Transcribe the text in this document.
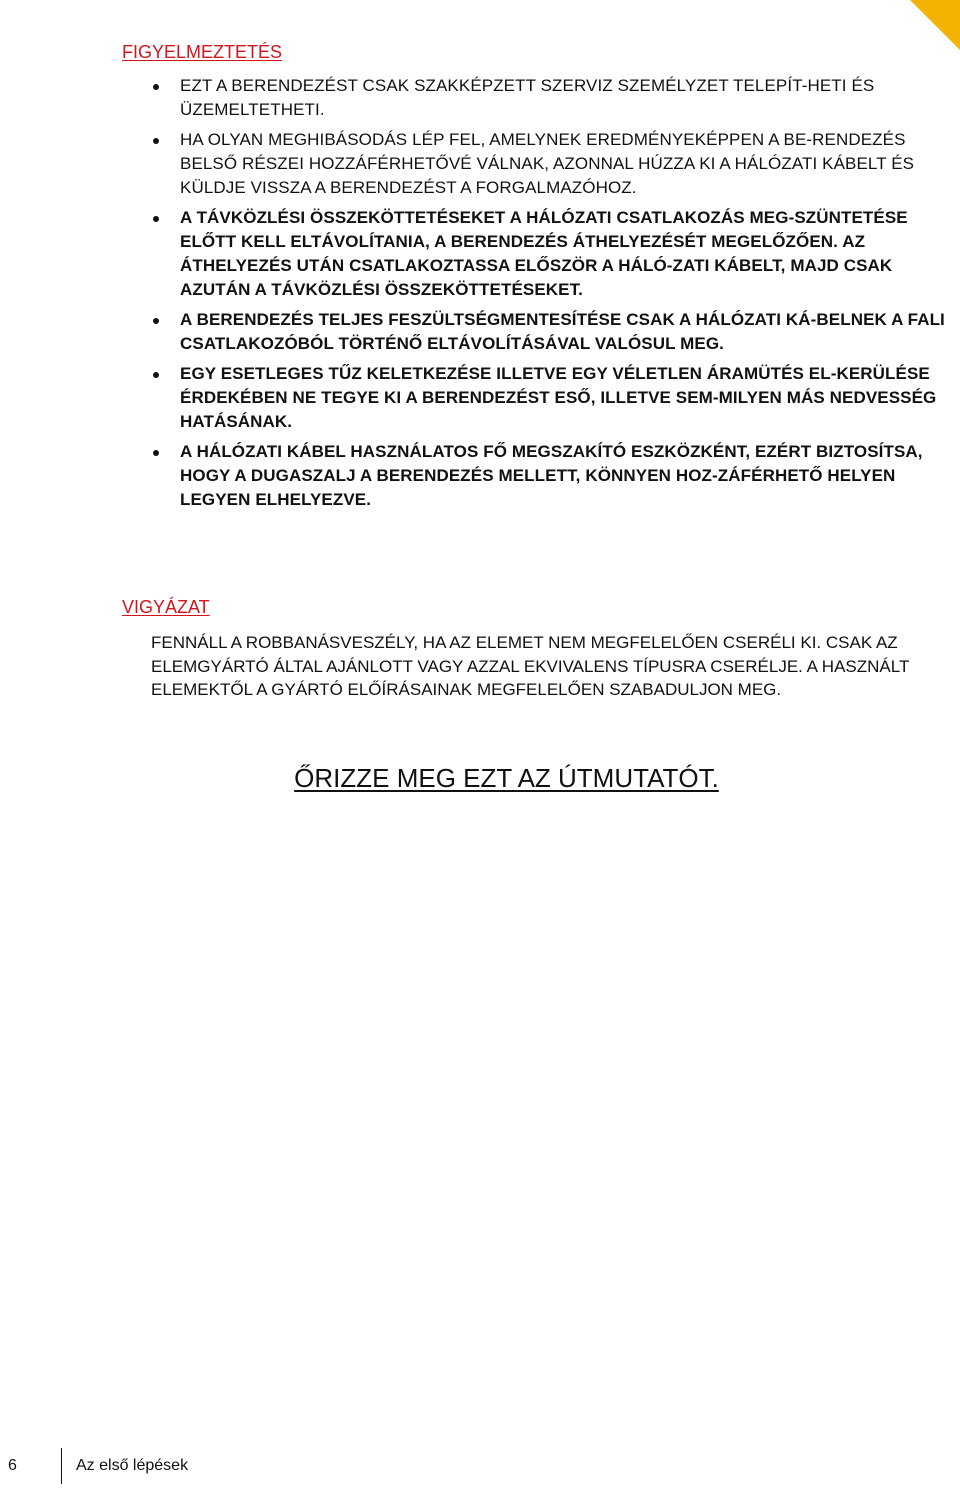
FIGYELMEZTETÉS
EZT A BERENDEZÉST CSAK SZAKKÉPZETT SZERVIZ SZEMÉLYZET TELEPÍT-HETI ÉS ÜZEMELTETHETI.
HA OLYAN MEGHIBÁSODÁS LÉP FEL, AMELYNEK EREDMÉNYEKÉPPEN A BE-RENDEZÉS BELSŐ RÉSZEI HOZZÁFÉRHETŐVÉ VÁLNAK, AZONNAL HÚZZA KI A HÁLÓZATI KÁBELT ÉS KÜLDJE VISSZA A BERENDEZÉST A FORGALMAZÓHOZ.
A TÁVKÖZLÉSI ÖSSZEKÖTTETÉSEKET A HÁLÓZATI CSATLAKOZÁS MEG-SZÜNTETÉSE ELŐTT KELL ELTÁVOLÍTANIA, A BERENDEZÉS ÁTHELYEZÉSÉT MEGELŐZŐEN. AZ ÁTHELYEZÉS UTÁN CSATLAKOZTASSA ELŐSZÖR A HÁLÓ-ZATI KÁBELT, MAJD CSAK AZUTÁN A TÁVKÖZLÉSI ÖSSZEKÖTTETÉSEKET.
A BERENDEZÉS TELJES FESZÜLTSÉGMENTESÍTÉSE CSAK A HÁLÓZATI KÁ-BELNEK A FALI CSATLAKOZÓBÓL TÖRTÉNŐ ELTÁVOLÍTÁSÁVAL VALÓSUL MEG.
EGY ESETLEGES TŰZ KELETKEZÉSE ILLETVE EGY VÉLETLEN ÁRAMÜTÉS EL-KERÜLÉSE ÉRDEKÉBEN NE TEGYE KI A BERENDEZÉST ESŐ, ILLETVE SEM-MILYEN MÁS NEDVESSÉG HATÁSÁNAK.
A HÁLÓZATI KÁBEL HASZNÁLATOS FŐ MEGSZAKÍTÓ ESZKÖZKÉNT, EZÉRT BIZTOSÍTSA, HOGY A DUGASZALJ A BERENDEZÉS MELLETT, KÖNNYEN HOZ-ZÁFÉRHETŐ HELYEN LEGYEN ELHELYEZVE.
VIGYÁZAT

FENNÁLL A ROBBANÁSVESZÉLY, HA AZ ELEMET NEM MEGFELELŐEN CSERÉLI KI. CSAK AZ ELEMGYÁRTÓ ÁLTAL AJÁNLOTT VAGY AZZAL EKVIVALENS TÍPUSRA CSERÉLJE. A HASZNÁLT ELEMEKTŐL A GYÁRTÓ ELŐÍRÁSAINAK MEGFELELŐEN SZABADULJON MEG.

ŐRIZZE MEG EZT AZ ÚTMUTATÓT.
6	Az első lépések
